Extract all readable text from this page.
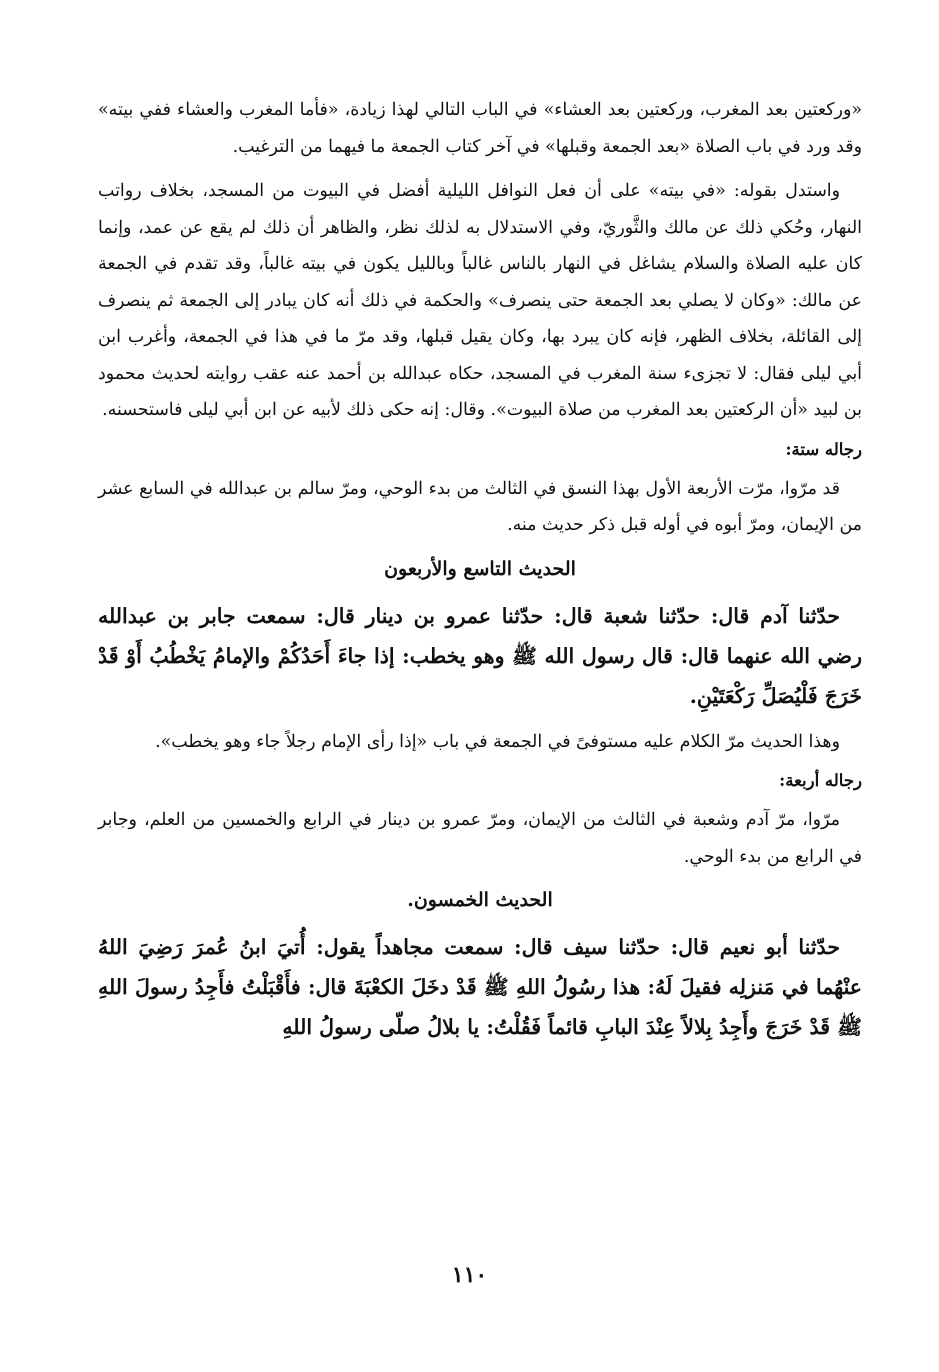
«وركعتين بعد المغرب، وركعتين بعد العشاء» في الباب التالي لهذا زيادة، «فأما المغرب والعشاء ففي بيته» وقد ورد في باب الصلاة «بعد الجمعة وقبلها» في آخر كتاب الجمعة ما فيهما من الترغيب.

واستدل بقوله: «في بيته» على أن فعل النوافل الليلية أفضل في البيوت من المسجد، بخلاف رواتب النهار، وحُكي ذلك عن مالك والثَّوريّ، وفي الاستدلال به لذلك نظر، والظاهر أن ذلك لم يقع عن عمد، وإنما كان عليه الصلاة والسلام يشاغل في النهار بالناس غالباً وبالليل يكون في بيته غالباً، وقد تقدم في الجمعة عن مالك: «وكان لا يصلي بعد الجمعة حتى ينصرف» والحكمة في ذلك أنه كان يبادر إلى الجمعة ثم ينصرف إلى القائلة، بخلاف الظهر، فإنه كان يبرد بها، وكان يقيل قبلها، وقد مرّ ما في هذا في الجمعة، وأغرب ابن أبي ليلى فقال: لا تجزىء سنة المغرب في المسجد، حكاه عبدالله بن أحمد عنه عقب روايته لحديث محمود بن لبيد «أن الركعتين بعد المغرب من صلاة البيوت». وقال: إنه حكى ذلك لأبيه عن ابن أبي ليلى فاستحسنه.

رجاله ستة:

قد مرّوا، مرّت الأربعة الأول بهذا النسق في الثالث من بدء الوحي، ومرّ سالم بن عبدالله في السابع عشر من الإيمان، ومرّ أبوه في أوله قبل ذكر حديث منه.

الحديث التاسع والأربعون

حدّثنا آدم قال: حدّثنا شعبة قال: حدّثنا عمرو بن دينار قال: سمعت جابر بن عبدالله رضي الله عنهما قال: قال رسول الله ﷺ وهو يخطب: إذا جاءَ أَحَدُكُمْ والإمامُ يَخْطُبُ أَوْ قَدْ خَرَجَ فَلْيُصَلِّ رَكْعَتَيْنِ.

وهذا الحديث مرّ الكلام عليه مستوفىً في الجمعة في باب «إذا رأى الإمام رجلاً جاء وهو يخطب».

رجاله أربعة:

مرّوا، مرّ آدم وشعبة في الثالث من الإيمان، ومرّ عمرو بن دينار في الرابع والخمسين من العلم، وجابر في الرابع من بدء الوحي.

الحديث الخمسون.

حدّثنا أبو نعيم قال: حدّثنا سيف قال: سمعت مجاهداً يقول: أُتيَ ابنُ عُمرَ رَضِيَ اللهُ عنْهُما في مَنزلِه فقيلَ لَهُ: هذا رسُولُ اللهِ ﷺ قَدْ دخَلَ الكعْبَةَ قال: فأَقْبَلْتُ فأَجِدُ رسولَ اللهِ ﷺ قَدْ خَرَجَ وأَجِدُ بِلالاً عِنْدَ البابِ قائماً فَقُلْتُ: يا بلالُ صلّى رسولُ اللهِ

١١٠
